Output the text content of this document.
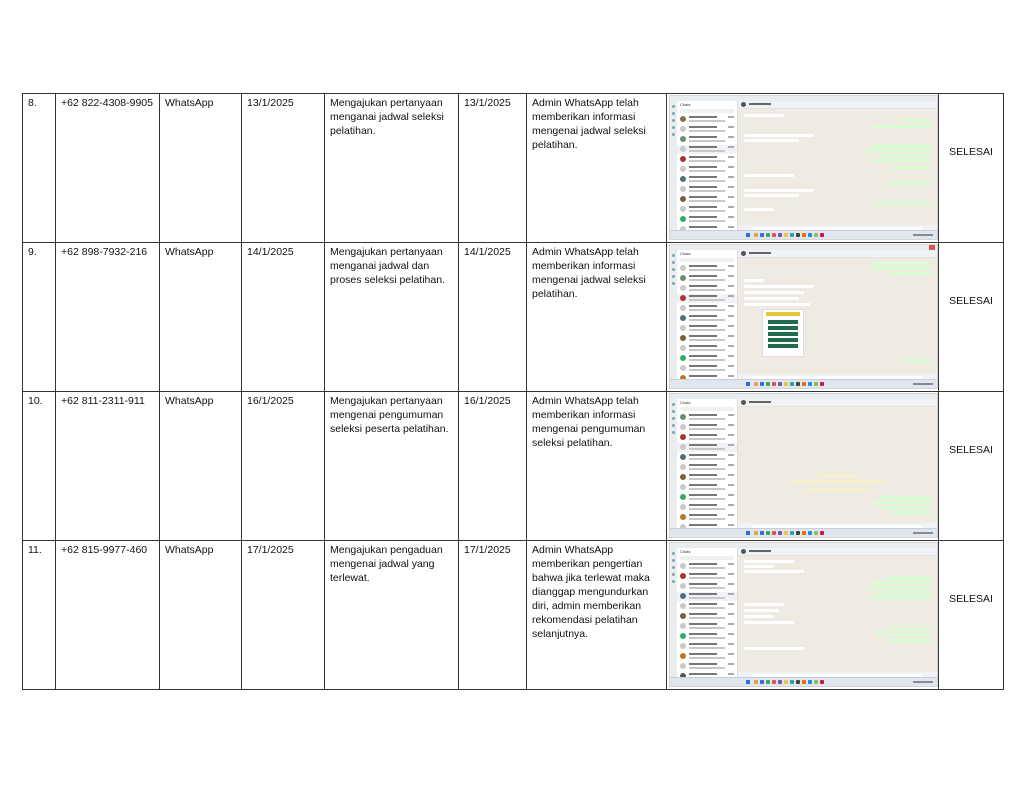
8.	+62 822-4308-9905	WhatsApp	13/1/2025	Mengajukan pertanyaan menganai jadwal seleksi pelatihan.	13/1/2025	Admin WhatsApp telah memberikan informasi mengenai jadwal seleksi pelatihan.	Chats	SELESAI
9.	+62 898-7932-216	WhatsApp	14/1/2025	Mengajukan pertanyaan menganai jadwal dan proses seleksi pelatihan.	14/1/2025	Admin WhatsApp telah memberikan informasi mengenai jadwal seleksi pelatihan.	Chats	SELESAI
10.	+62 811-2311-911	WhatsApp	16/1/2025	Mengajukan pertanyaan mengenai pengumuman seleksi peserta pelatihan.	16/1/2025	Admin WhatsApp telah memberikan informasi mengenai pengumuman seleksi pelatihan.	Chats	SELESAI
11.	+62 815-9977-460	WhatsApp	17/1/2025	Mengajukan pengaduan mengenai jadwal yang terlewat.	17/1/2025	Admin WhatsApp memberikan pengertian bahwa jika terlewat maka dianggap mengundurkan diri, admin memberikan rekomendasi pelatihan selanjutnya.	Chats	SELESAI
